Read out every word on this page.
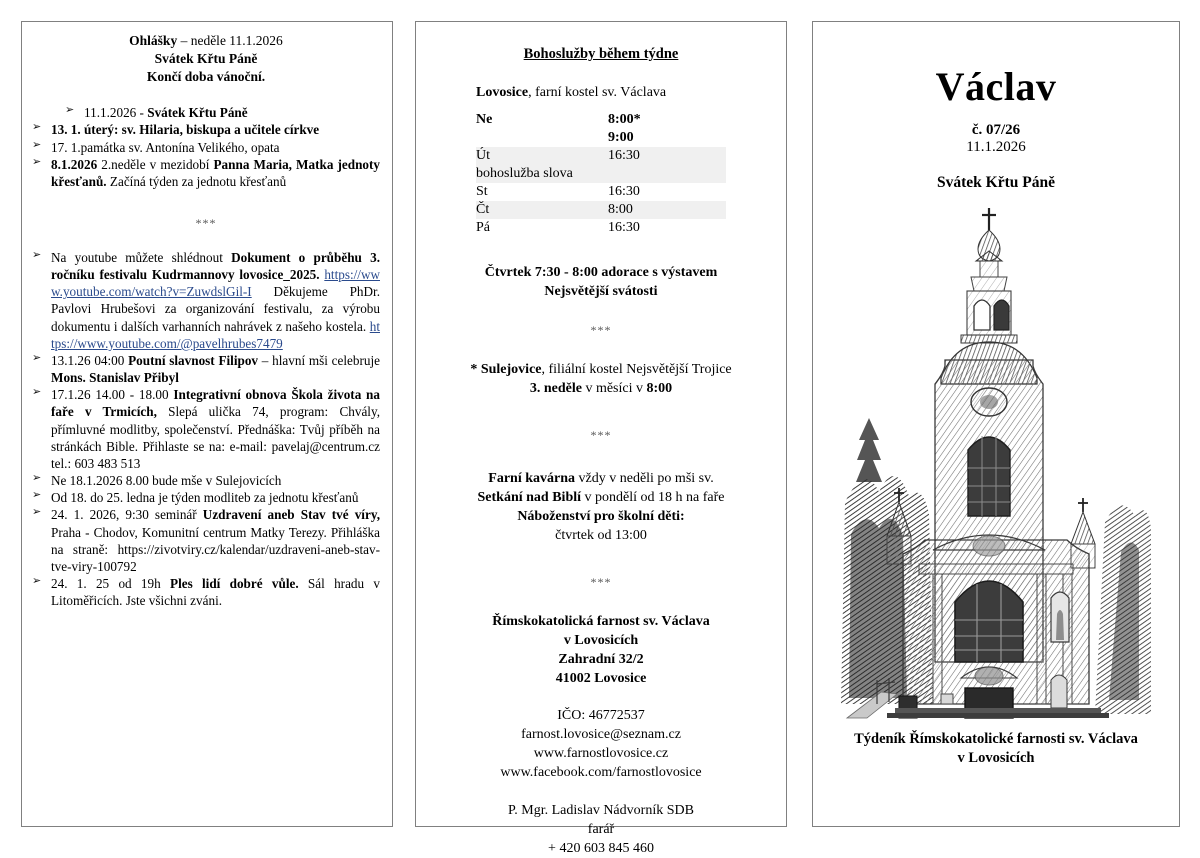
Ohlášky – neděle 11.1.2026
Svátek Křtu Páně
Končí doba vánoční.
➢ 11.1.2026 - Svátek Křtu Páně
➢ 13. 1. úterý: sv. Hilaria, biskupa a učitele církve
➢ 17. 1.památka sv. Antonína Velikého, opata
➢ 8.1.2026 2.neděle v mezidobí Panna Maria, Matka jednoty křesťanů. Začíná týden za jednotu křesťanů
***
➢ Na youtube můžete shlédnout Dokument o průběhu 3. ročníku festivalu Kudrmannovy lovosice_2025. https://www.youtube.com/watch?v=ZuwdslGil-I Děkujeme PhDr. Pavlovi Hrubešovi za organizování festivalu, za výrobu dokumentu i dalších varhanních nahrávek z našeho kostela. https://www.youtube.com/@pavelhrubes7479
➢ 13.1.26 04:00 Poutní slavnost Filipov – hlavní mši celebruje Mons. Stanislav Přibyl
➢ 17.1.26 14.00 - 18.00 Integrativní obnova Škola života na faře v Trmicích, Slepá ulička 74, program: Chvály, přímluvné modlitby, společenství. Přednáška: Tvůj příběh na stránkách Bible. Přihlaste se na: e-mail: pavelaj@centrum.cz tel.: 603 483 513
➢ Ne 18.1.2026 8.00 bude mše v Sulejovicích
➢ Od 18. do 25. ledna je týden modliteb za jednotu křesťanů
➢ 24. 1. 2026, 9:30 seminář Uzdravení aneb Stav tvé víry, Praha - Chodov, Komunitní centrum Matky Terezy. Přihláška na straně: https://zivotviry.cz/kalendar/uzdraveni-aneb-stav-tve-viry-100792
➢ 24. 1. 25 od 19h Ples lidí dobré vůle. Sál hradu v Litoměřicích. Jste všichni zváni.
Bohoslužby během týdne
Lovosice, farní kostel sv. Václava
Ne	8:00*
	9:00
Út	16:30
bohoslužba slova	
St	16:30
Čt	8:00
Pá	16:30
Čtvrtek 7:30 - 8:00 adorace s výstavem
Nejsvětější svátosti
***
* Sulejovice, filiální kostel Nejsvětější Trojice
3. neděle v měsíci v 8:00
***
Farní kavárna vždy v neděli po mši sv.
Setkání nad Biblí v pondělí od 18 h na faře
Náboženství pro školní děti:
čtvrtek od 13:00
***
Římskokatolická farnost sv. Václava
v Lovosicích
Zahradní 32/2
41002 Lovosice
IČO: 46772537
farnost.lovosice@seznam.cz
www.farnostlovosice.cz
www.facebook.com/farnostlovosice
P. Mgr. Ladislav Nádvorník SDB
farář
+ 420 603 845 460
Václav
č. 07/26
11.1.2026
Svátek Křtu Páně
Týdeník Římskokatolické farnosti sv. Václava
v Lovosicích
